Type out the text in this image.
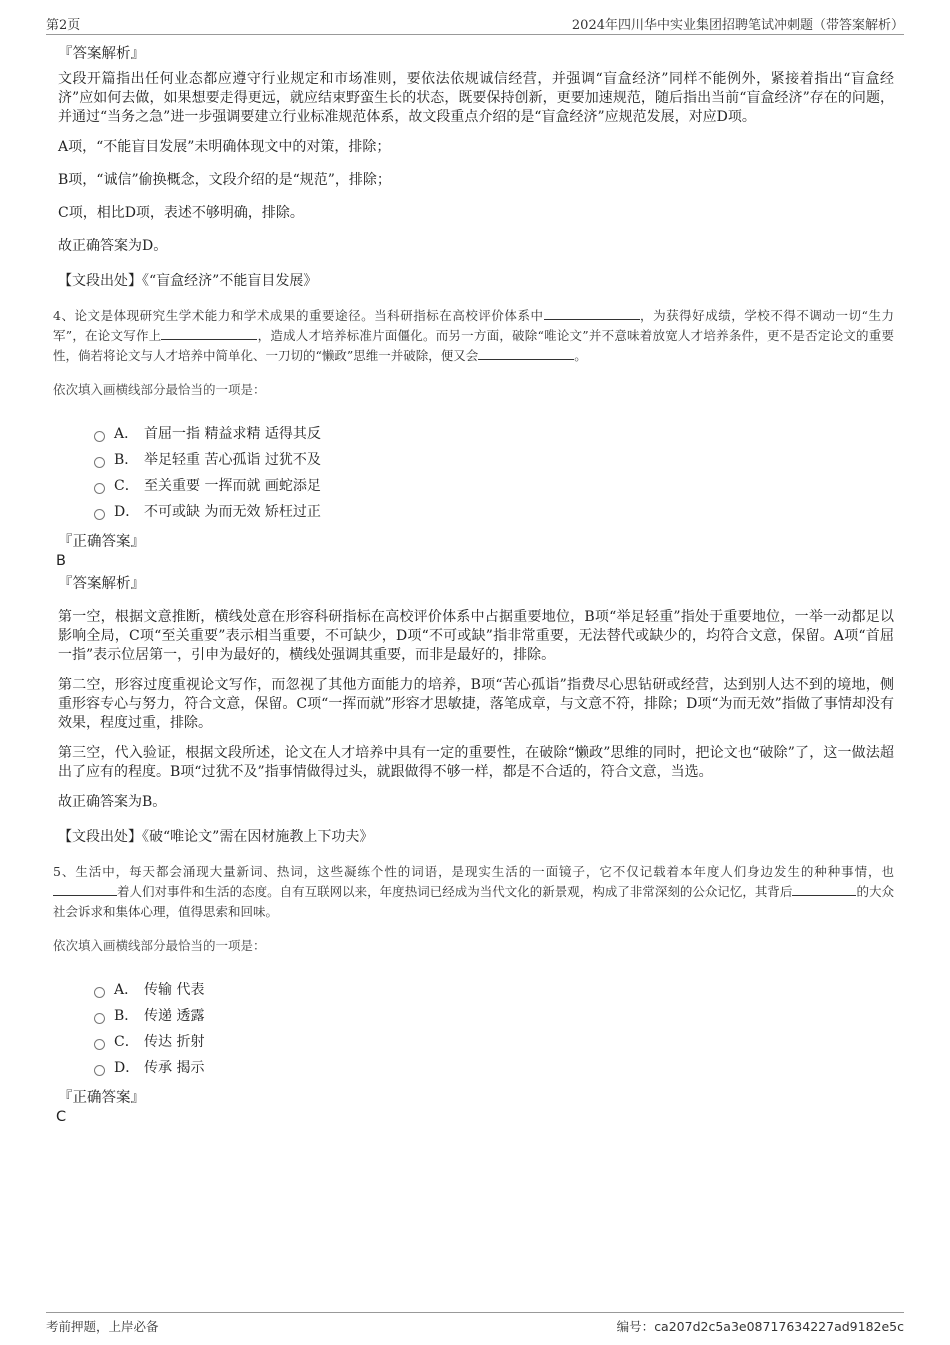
第2页	2024年四川华中实业集团招聘笔试冲刺题（带答案解析）
『答案解析』

文段开篇指出任何业态都应遵守行业规定和市场准则，要依法依规诚信经营，并强调“盲盒经济”同样不能例外，紧接着指出“盲盒经济”应如何去做，如果想要走得更远，就应结束野蛮生长的状态，既要保持创新，更要加速规范，随后指出当前“盲盒经济”存在的问题，并通过“当务之急”进一步强调要建立行业标准规范体系，故文段重点介绍的是“盲盒经济”应规范发展，对应D项。

A项，“不能盲目发展”未明确体现文中的对策，排除；

B项，“诚信”偷换概念，文段介绍的是“规范”，排除；

C项，相比D项，表述不够明确，排除。

故正确答案为D。

【文段出处】《“盲盒经济”不能盲目发展》

4、论文是体现研究生学术能力和学术成果的重要途径。当科研指标在高校评价体系中	，为获得好成绩，学校不得不调动一切“生力军”，在论文写作上	，造成人才培养标准片面僵化。而另一方面，破除“唯论文”并不意味着放宽人才培养条件，更不是否定论文的重要性，倘若将论文与人才培养中简单化、一刀切的“懒政”思维一并破除，便又会	。

依次填入画横线部分最恰当的一项是：
A． 首屈一指 精益求精 适得其反
B． 举足轻重 苦心孤诣 过犹不及
C． 至关重要 一挥而就 画蛇添足
D． 不可或缺 为而无效 矫枉过正
『正确答案』
B
『答案解析』

第一空，根据文意推断，横线处意在形容科研指标在高校评价体系中占据重要地位，B项“举足轻重”指处于重要地位，一举一动都足以影响全局，C项“至关重要”表示相当重要，不可缺少，D项“不可或缺”指非常重要，无法替代或缺少的，均符合文意，保留。A项“首屈一指”表示位居第一，引申为最好的，横线处强调其重要，而非是最好的，排除。

第二空，形容过度重视论文写作，而忽视了其他方面能力的培养，B项“苦心孤诣”指费尽心思钻研或经营，达到别人达不到的境地，侧重形容专心与努力，符合文意，保留。C项“一挥而就”形容才思敏捷，落笔成章，与文意不符，排除；D项“为而无效”指做了事情却没有效果，程度过重，排除。

第三空，代入验证，根据文段所述，论文在人才培养中具有一定的重要性，在破除“懒政”思维的同时，把论文也“破除”了，这一做法超出了应有的程度。B项“过犹不及”指事情做得过头，就跟做得不够一样，都是不合适的，符合文意，当选。

故正确答案为B。

【文段出处】《破“唯论文”需在因材施教上下功夫》

5、生活中，每天都会涌现大量新词、热词，这些凝练个性的词语，是现实生活的一面镜子，它不仅记载着本年度人们身边发生的种种事情，也着人们对事件和生活的态度。自有互联网以来，年度热词已经成为当代文化的新景观，构成了非常深刻的公众记忆，其背后	的大众社会诉求和集体心理，值得思索和回味。

依次填入画横线部分最恰当的一项是：
A． 传输 代表
B． 传递 透露
C． 传达 折射
D． 传承 揭示
『正确答案』
C
考前押题，上岸必备	编号：ca207d2c5a3e08717634227ad9182e5c
